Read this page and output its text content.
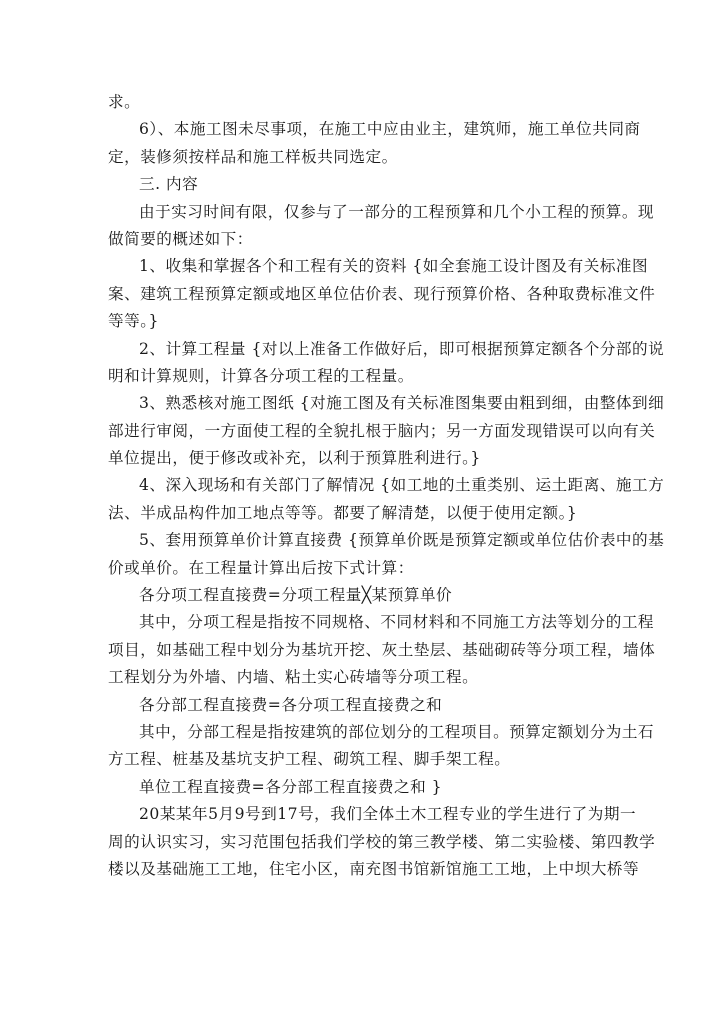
求。
6）、本施工图未尽事项，在施工中应由业主，建筑师，施工单位共同商
定，装修须按样品和施工样板共同选定。
三. 内容
由于实习时间有限，仅参与了一部分的工程预算和几个小工程的预算。现
做简要的概述如下：
1、收集和掌握各个和工程有关的资料 {如全套施工设计图及有关标准图
案、建筑工程预算定额或地区单位估价表、现行预算价格、各种取费标准文件
等等。}
2、计算工程量 {对以上准备工作做好后，即可根据预算定额各个分部的说
明和计算规则，计算各分项工程的工程量。
3、熟悉核对施工图纸 {对施工图及有关标准图集要由粗到细，由整体到细
部进行审阅，一方面使工程的全貌扎根于脑内；另一方面发现错误可以向有关
单位提出，便于修改或补充，以利于预算胜利进行。}
4、深入现场和有关部门了解情况 {如工地的土重类别、运土距离、施工方
法、半成品构件加工地点等等。都要了解清楚，以便于使用定额。}
5、套用预算单价计算直接费 {预算单价既是预算定额或单位估价表中的基
价或单价。在工程量计算出后按下式计算：
各分项工程直接费=分项工程量╳某预算单价
其中，分项工程是指按不同规格、不同材料和不同施工方法等划分的工程
项目，如基础工程中划分为基坑开挖、灰土垫层、基础砌砖等分项工程，墙体
工程划分为外墙、内墙、粘土实心砖墙等分项工程。
各分部工程直接费=各分项工程直接费之和
其中，分部工程是指按建筑的部位划分的工程项目。预算定额划分为土石
方工程、桩基及基坑支护工程、砌筑工程、脚手架工程。
单位工程直接费=各分部工程直接费之和 }
20某某年5月9号到17号，我们全体土木工程专业的学生进行了为期一
周的认识实习，实习范围包括我们学校的第三教学楼、第二实验楼、第四教学
楼以及基础施工工地，住宅小区，南充图书馆新馆施工工地，上中坝大桥等
